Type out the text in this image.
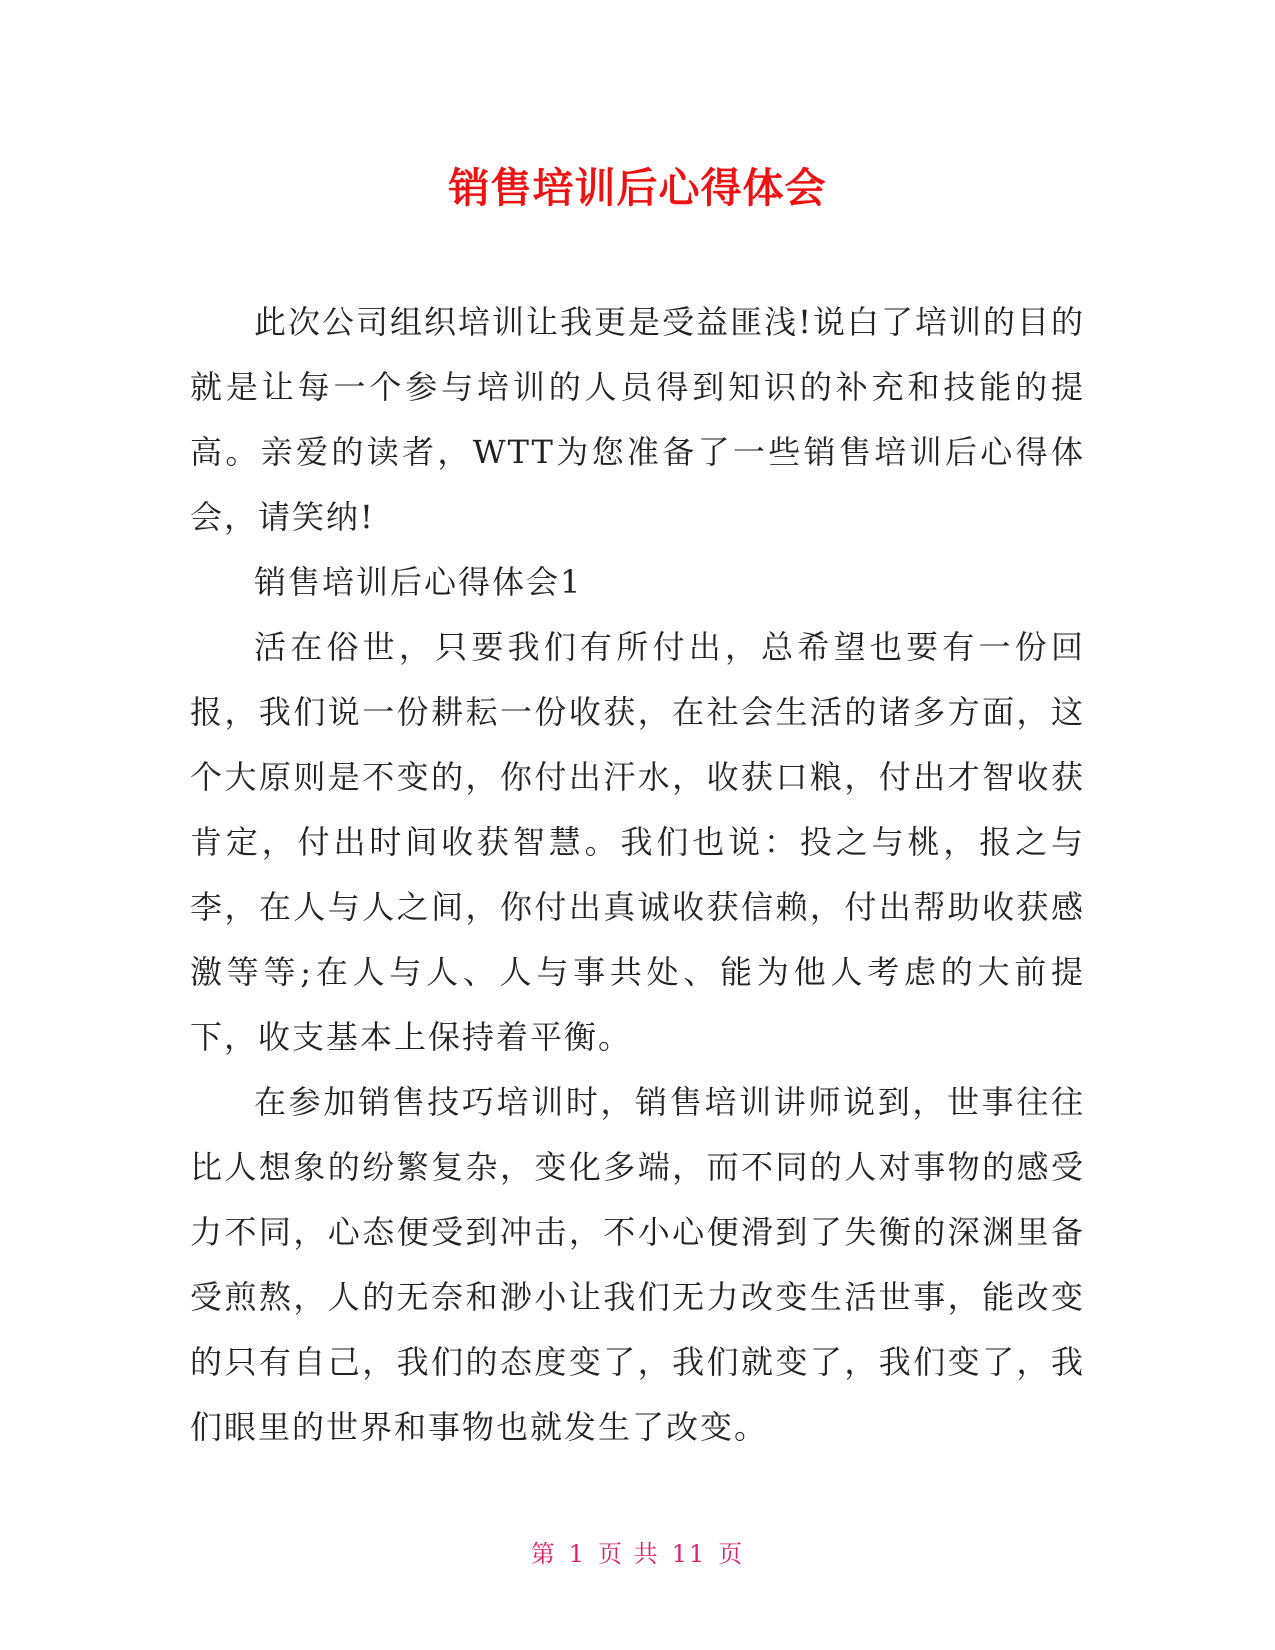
销售培训后心得体会

此次公司组织培训让我更是受益匪浅!说白了培训的目的就是让每一个参与培训的人员得到知识的补充和技能的提高。亲爱的读者，WTT为您准备了一些销售培训后心得体会，请笑纳!

销售培训后心得体会1

活在俗世，只要我们有所付出，总希望也要有一份回报，我们说一份耕耘一份收获，在社会生活的诸多方面，这个大原则是不变的，你付出汗水，收获口粮，付出才智收获肯定，付出时间收获智慧。我们也说：投之与桃，报之与李，在人与人之间，你付出真诚收获信赖，付出帮助收获感激等等;在人与人、人与事共处、能为他人考虑的大前提下，收支基本上保持着平衡。

在参加销售技巧培训时，销售培训讲师说到，世事往往比人想象的纷繁复杂，变化多端，而不同的人对事物的感受力不同，心态便受到冲击，不小心便滑到了失衡的深渊里备受煎熬，人的无奈和渺小让我们无力改变生活世事，能改变的只有自己，我们的态度变了，我们就变了，我们变了，我们眼里的世界和事物也就发生了改变。

第 1 页 共 11 页
